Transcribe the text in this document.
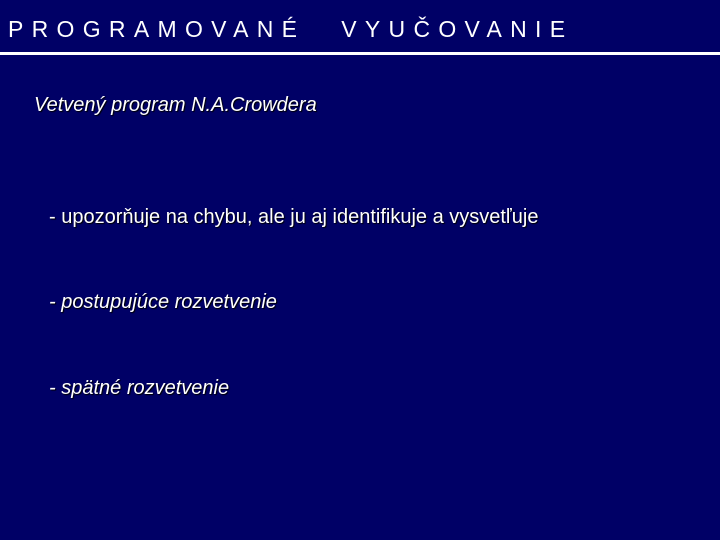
PROGRAMOVANÉ VYUČOVANIE
Vetvený program N.A.Crowdera
- upozorňuje na chybu, ale ju aj identifikuje a vysvetľuje
- postupujúce rozvetvenie
- spätné rozvetvenie
